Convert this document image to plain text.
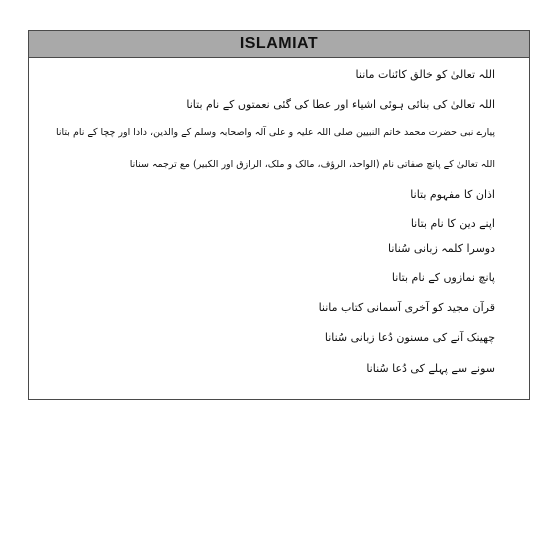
ISLAMIAT
اللہ تعالیٰ کو خالق کائنات ماننا
اللہ تعالیٰ کی بنائی ہوئی اشیاء اور عطا کی گئی نعمتوں کے نام بتانا
پیارے نبی حضرت محمد خاتم النبیین صلی اللہ علیہ و علی آلہ واصحابہ وسلم کے والدین، دادا اور چچا کے نام بتانا
اللہ تعالیٰ کے پانچ صفاتی نام (الواحد، الرؤف، مالک و ملک، الرازق اور الکبیر) مع ترجمہ سنانا
اذان کا مفہوم بتانا
اپنے دین کا نام بتانا
دوسرا کلمہ زبانی سُنانا
پانچ نمازوں کے نام بتانا
قرآن مجید کو آخری آسمانی کتاب ماننا
چھینک آنے کی مسنون دُعا زبانی سُنانا
سونے سے پہلے کی دُعا سُنانا
